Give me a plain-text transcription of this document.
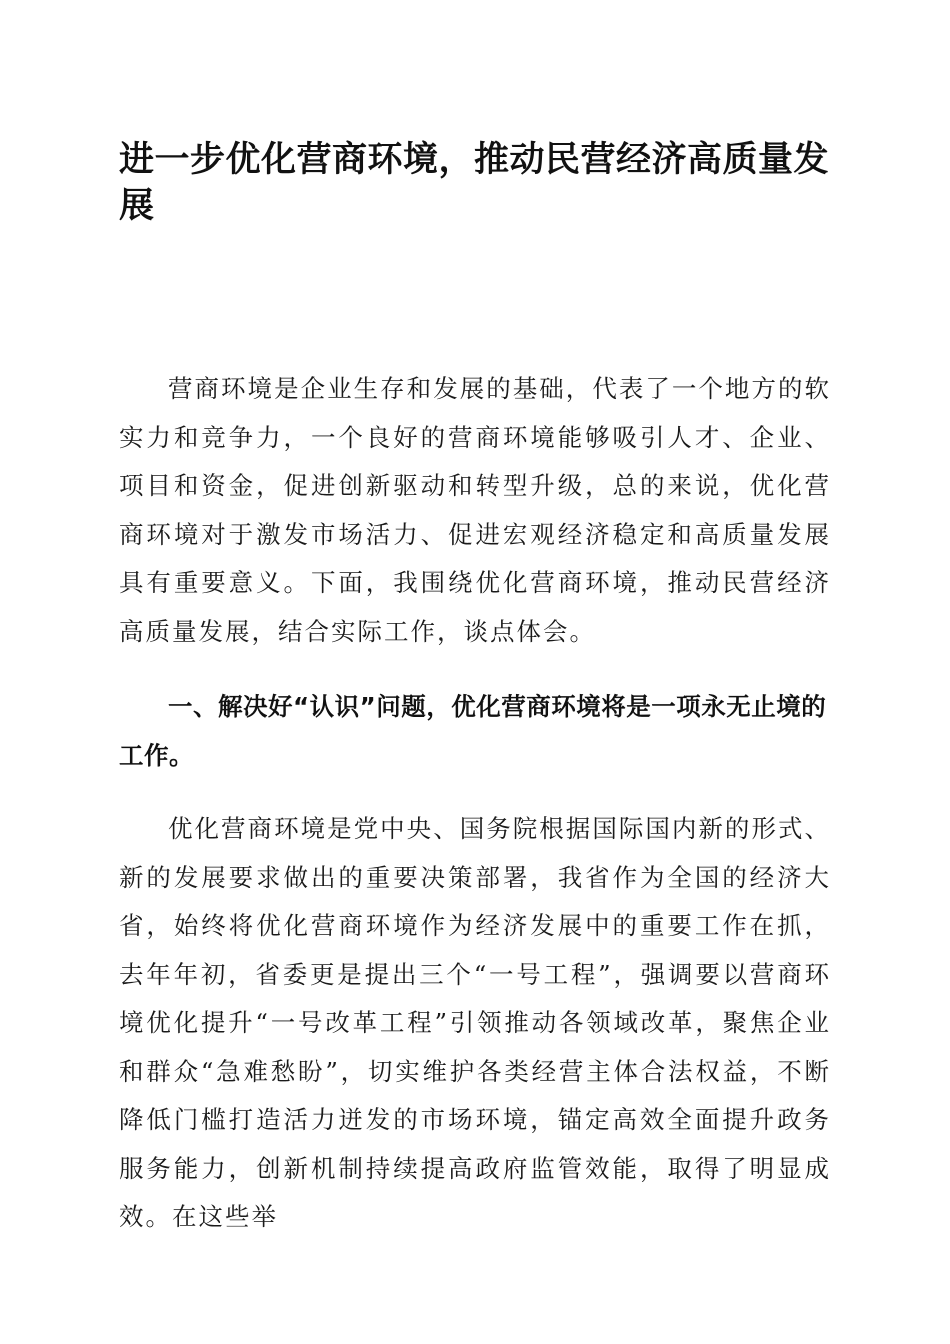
进一步优化营商环境，推动民营经济高质量发展

营商环境是企业生存和发展的基础，代表了一个地方的软实力和竞争力，一个良好的营商环境能够吸引人才、企业、项目和资金，促进创新驱动和转型升级，总的来说，优化营商环境对于激发市场活力、促进宏观经济稳定和高质量发展具有重要意义。下面，我围绕优化营商环境，推动民营经济高质量发展，结合实际工作，谈点体会。

一、解决好“认识”问题，优化营商环境将是一项永无止境的工作。

优化营商环境是党中央、国务院根据国际国内新的形式、新的发展要求做出的重要决策部署，我省作为全国的经济大省，始终将优化营商环境作为经济发展中的重要工作在抓，去年年初，省委更是提出三个“一号工程”，强调要以营商环境优化提升“一号改革工程”引领推动各领域改革，聚焦企业和群众“急难愁盼”，切实维护各类经营主体合法权益，不断降低门槛打造活力迸发的市场环境，锚定高效全面提升政务服务能力，创新机制持续提高政府监管效能，取得了明显成效。在这些举
